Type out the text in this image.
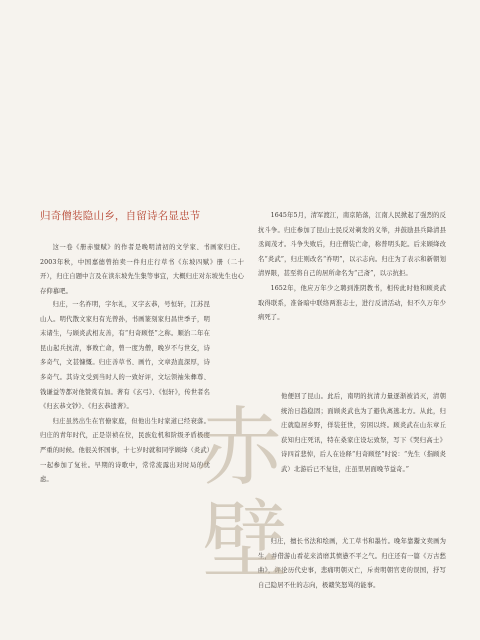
归奇僧装隐山乡，自留诗名显忠节

这一卷《册赤璧赋》的作者是晚明清初的文学家、书画家归庄。2003年秋，中国嘉德曾拍卖一件归庄行草书《东坡四赋》册（二十开），归庄自题中言及在读东坡先生集等事宜，大概归庄对东坡先生也心存仰慕吧。

归庄，一名祚明，字尔礼，又字玄恭，号恒轩，江苏昆山人。明代散文家归有光曾孙，书画篆刻家归昌世季子，明末诸生，与顾炎武相友善，有“归奇顾怪”之称。顺治二年在昆山起兵抗清，事败亡命，曾一度为僧，晚岁不与世交，诗多奇气，文甚慷慨。归庄善草书、画竹，文章劲直深厚，诗多奇气。其诗文受到当时人的一致好评，文坛领袖朱彝尊、钱谦益等都对他赞赏有加。著有《玄弓》、《恒轩》，传世者名《归玄恭文钞》、《归玄恭遗著》。

归庄虽然出生在官僚家庭，但他出生时家道已经衰落。归庄的青年时代，正是崇祯在位，民族危机和阶级矛盾极度严重的时候。他很关怀国事，十七岁时就和同学顾绛（炎武）一起参加了复社。早期的诗歌中，常常流露出对时局的忧虑。

1645年5月，清军渡江，南京陷落，江南人民掀起了强烈的反抗斗争。归庄参加了昆山士民反对剃发的义举，并鼓励县兵降清县丞阎茂才。斗争失败后，归庄僧装亡命，称普明头陀。后来顾绛改名“炎武”，归庄则改名“祚明”，以示志向。归庄为了表示和新朝划清界限，甚至将自己的居所命名为“己斋”，以示抗拒。

1652年，他应万年少之聘到淮阴教书，相传此时他和顾炎武取得联系，准备暗中联络两淮志士，进行反清活动，但不久万年少病死了。

他便回了昆山。此后，南明的抗清力量逐渐被消灭，清朝统治日趋稳固；面顾炎武也为了避仇离逃北方。从此，归庄就隐居乡野，佯装狂世，穷困以终。顾炎武在山东章丘获知归庄死讯，特在桑家庄设坛致祭，写下《哭归高士》诗四首悲悼，后人在诠释“归奇顾怪”时说：“先生（指顾炎武）北游后已不复往，庄虽里居面晚节益奇。”

归庄，擅长书法和绘画，尤工草书和墨竹。晚年靠鬻文卖画为生，并借游山看花来消磨其愤懑不平之气。归庄还有一篇《万古愁曲》，评论历代史事，悲痛明朝灭亡，斥责明朝官吏的误国，抒写自己隐居不仕的志向，极赣笑怒骂的能事。

赤
壁
